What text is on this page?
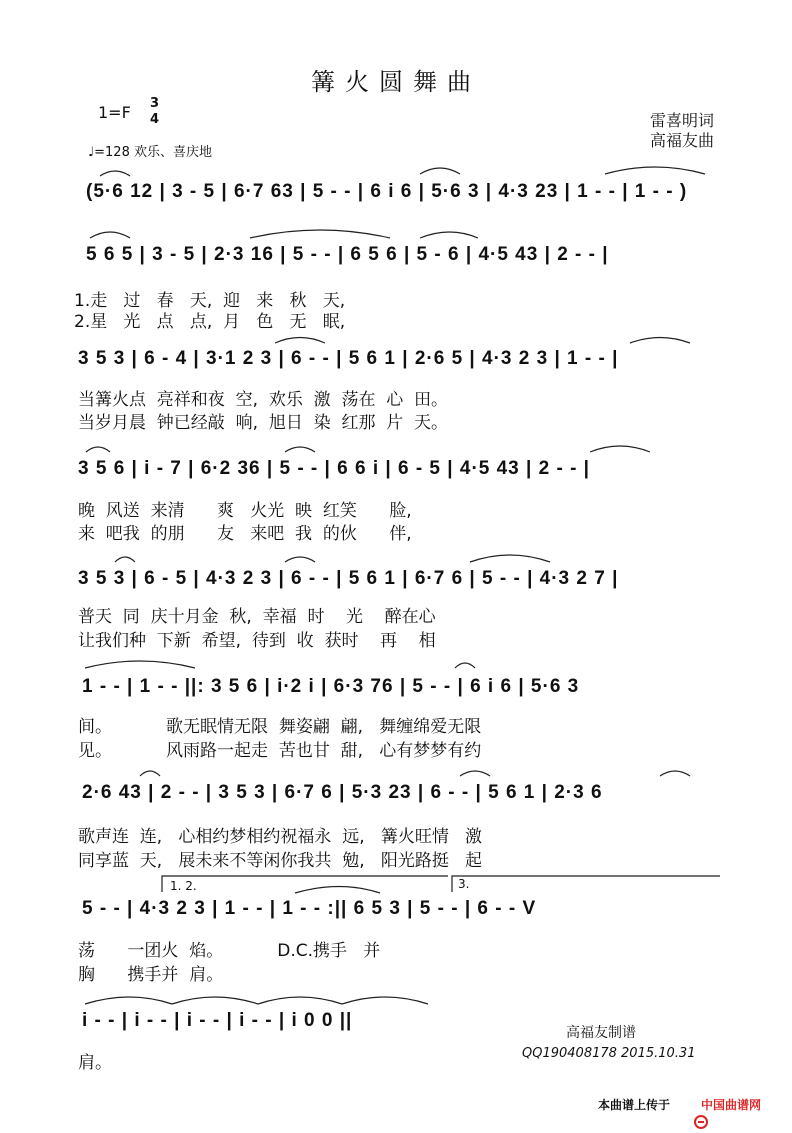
篝火圆舞曲
1=F 3
4
♩=128 欢乐、喜庆地
雷喜明词
高福友曲
(5·6 12 | 3 - 5 | 6·7 63 | 5 - - | 6 i 6 | 5·6 3 | 4·3 23 | 1 - - | 1 - - )
5 6 5 | 3 - 5 | 2·3 16 | 5 - - | 6 5 6 | 5 - 6 | 4·5 43 | 2 - - |
1.走   过   春   天,  迎   来   秋   天,
2.星   光   点   点,  月   色   无   眠,
3 5 3 | 6 - 4 | 3·1 2 3 | 6 - - | 5 6 1 | 2·6 5 | 4·3 2 3 | 1 - - |
当篝火点  亮祥和夜  空,  欢乐  激  荡在  心  田。
当岁月晨  钟已经敲  响,  旭日  染  红那  片  天。
3 5 6 | i - 7 | 6·2 36 | 5 - - | 6 6 i | 6 - 5 | 4·5 43 | 2 - - |
晚  风送  来清      爽   火光  映  红笑      脸,
来  吧我  的朋      友   来吧  我  的伙      伴,
3 5 3 | 6 - 5 | 4·3 2 3 | 6 - - | 5 6 1 | 6·7 6 | 5 - - | 4·3 2 7 |
普天  同  庆十月金  秋,  幸福  时    光    醉在心
让我们种  下新  希望,  待到  收  获时    再    相
1 - - | 1 - - ||: 3 5 6 | i·2 i | 6·3 76 | 5 - - | 6 i 6 | 5·6 3
间。          歌无眠情无限  舞姿翩  翩,   舞缠绵爱无限
见。          风雨路一起走  苦也甘  甜,   心有梦梦有约
2·6 43 | 2 - - | 3 5 3 | 6·7 6 | 5·3 23 | 6 - - | 5 6 1 | 2·3 6
歌声连  连,   心相约梦相约祝福永  远,   篝火旺情   激
同享蓝  天,   展未来不等闲你我共  勉,   阳光路挺   起
1. 2.	3.
5 - - | 4·3 2 3 | 1 - - | 1 - - :|| 6 5 3 | 5 - - | 6 - - V
荡      一团火  焰。          D.C.携手   并
胸      携手并  肩。
i - - | i - - | i - - | i - - | i 0 0 ||
肩。
高福友制谱
QQ190408178 2015.10.31
本曲谱上传于

	中国曲谱网
